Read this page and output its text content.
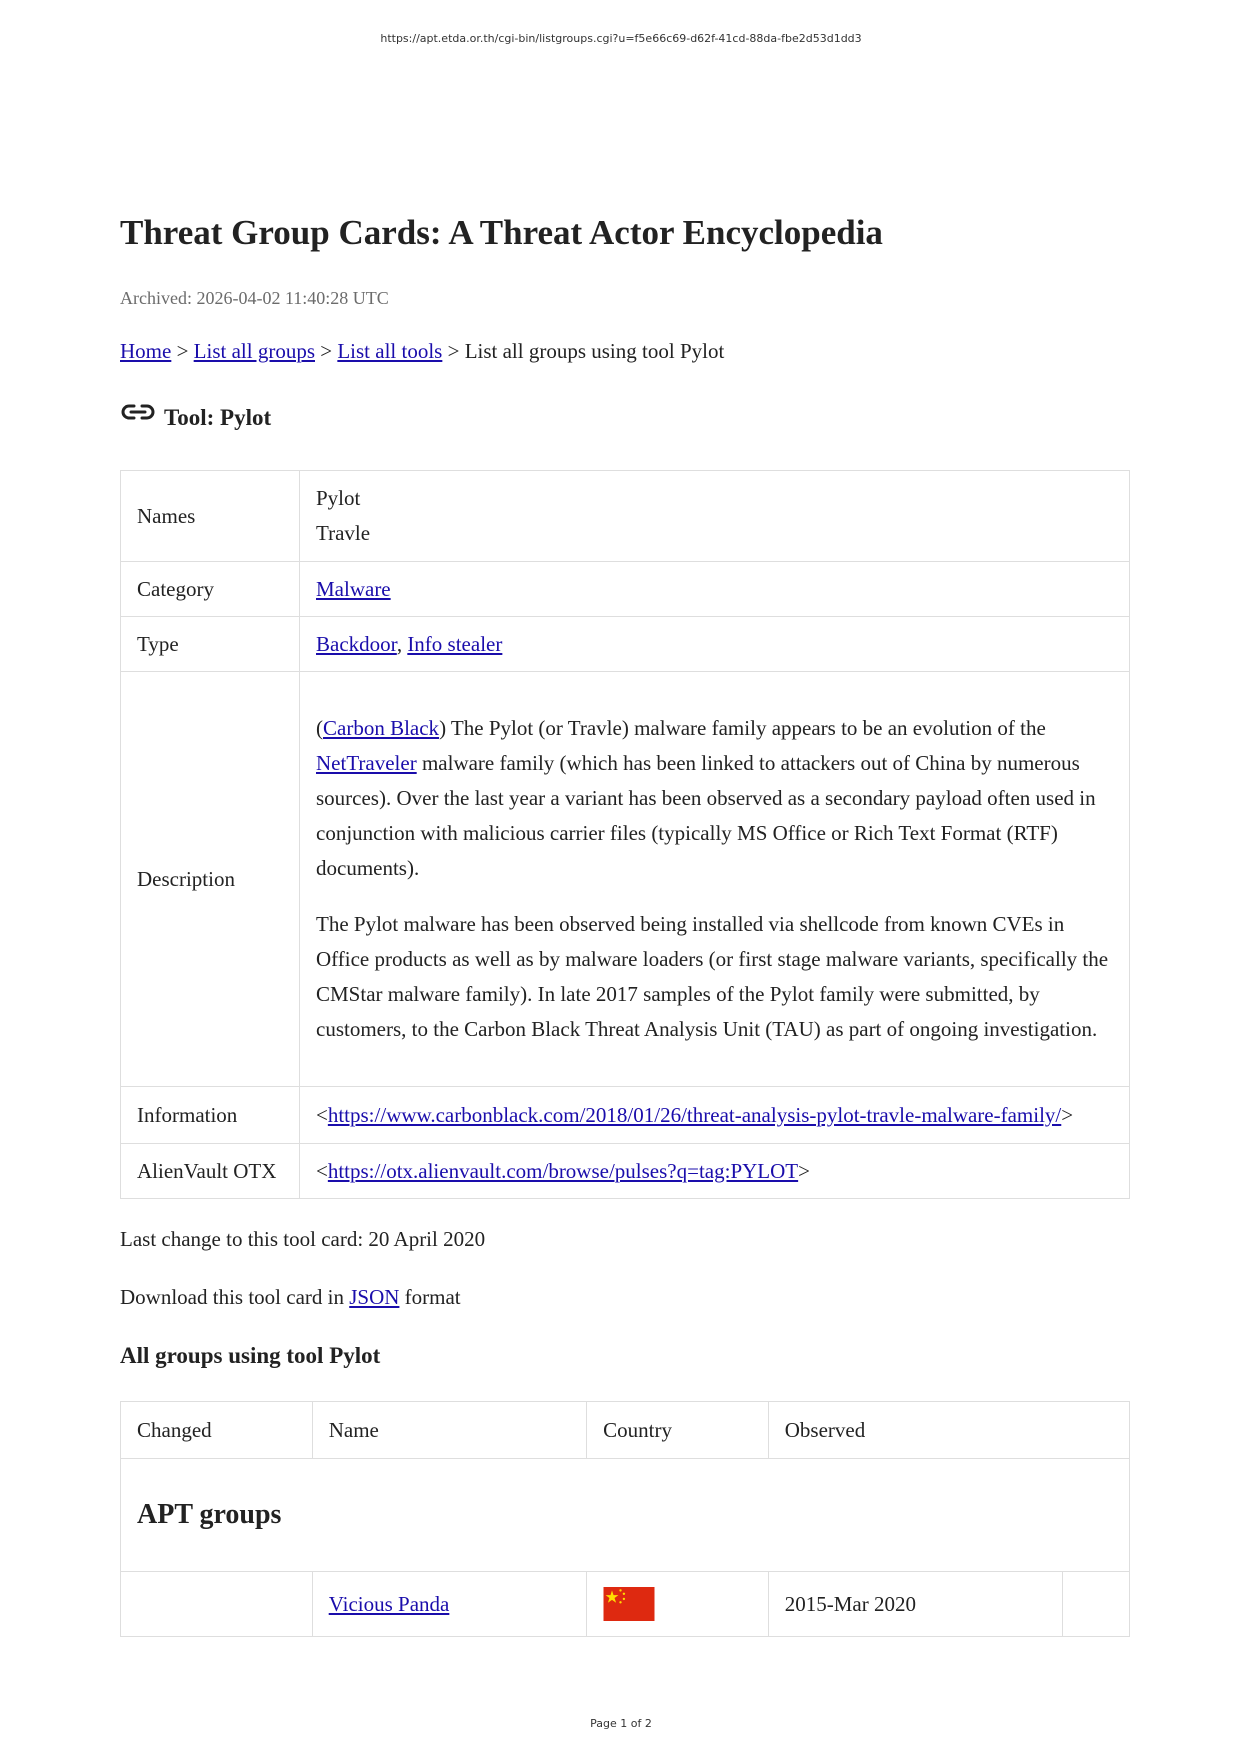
https://apt.etda.or.th/cgi-bin/listgroups.cgi?u=f5e66c69-d62f-41cd-88da-fbe2d53d1dd3
Threat Group Cards: A Threat Actor Encyclopedia
Archived: 2026-04-02 11:40:28 UTC
Home > List all groups > List all tools > List all groups using tool Pylot
Tool: Pylot
Names	Pylot
Travle

Category	Malware
Type	Backdoor, Info stealer
Description	(Carbon Black) The Pylot (or Travle) malware family appears to be an evolution of the NetTraveler malware family (which has been linked to attackers out of China by numerous sources). Over the last year a variant has been observed as a secondary payload often used in conjunction with malicious carrier files (typically MS Office or Rich Text Format (RTF) documents).

The Pylot malware has been observed being installed via shellcode from known CVEs in Office products as well as by malware loaders (or first stage malware variants, specifically the CMStar malware family). In late 2017 samples of the Pylot family were submitted, by customers, to the Carbon Black Threat Analysis Unit (TAU) as part of ongoing investigation.

Information	<https://www.carbonblack.com/2018/01/26/threat-analysis-pylot-travle-malware-family/>
AlienVault OTX	<https://otx.alienvault.com/browse/pulses?q=tag:PYLOT>
Last change to this tool card: 20 April 2020
Download this tool card in JSON format
All groups using tool Pylot
Changed	Name	Country	Observed	
APT groups				
	Vicious Panda		2015-Mar 2020	
Page 1 of 2
